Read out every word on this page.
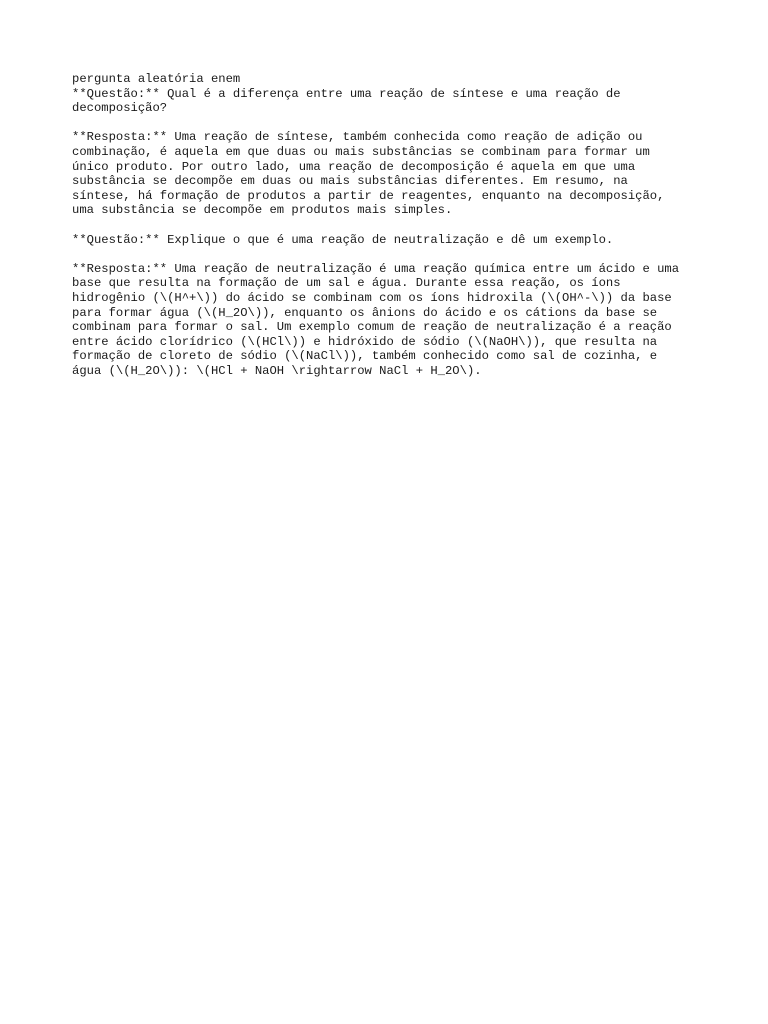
pergunta aleatória enem
**Questão:** Qual é a diferença entre uma reação de síntese e uma reação de
decomposição?
**Resposta:** Uma reação de síntese, também conhecida como reação de adição ou
combinação, é aquela em que duas ou mais substâncias se combinam para formar um
único produto. Por outro lado, uma reação de decomposição é aquela em que uma
substância se decompõe em duas ou mais substâncias diferentes. Em resumo, na
síntese, há formação de produtos a partir de reagentes, enquanto na decomposição,
uma substância se decompõe em produtos mais simples.
**Questão:** Explique o que é uma reação de neutralização e dê um exemplo.
**Resposta:** Uma reação de neutralização é uma reação química entre um ácido e uma
base que resulta na formação de um sal e água. Durante essa reação, os íons
hidrogênio (\(H^+\)) do ácido se combinam com os íons hidroxila (\(OH^-\)) da base
para formar água (\(H_2O\)), enquanto os ânions do ácido e os cátions da base se
combinam para formar o sal. Um exemplo comum de reação de neutralização é a reação
entre ácido clorídrico (\(HCl\)) e hidróxido de sódio (\(NaOH\)), que resulta na
formação de cloreto de sódio (\(NaCl\)), também conhecido como sal de cozinha, e
água (\(H_2O\)): \(HCl + NaOH \rightarrow NaCl + H_2O\).
